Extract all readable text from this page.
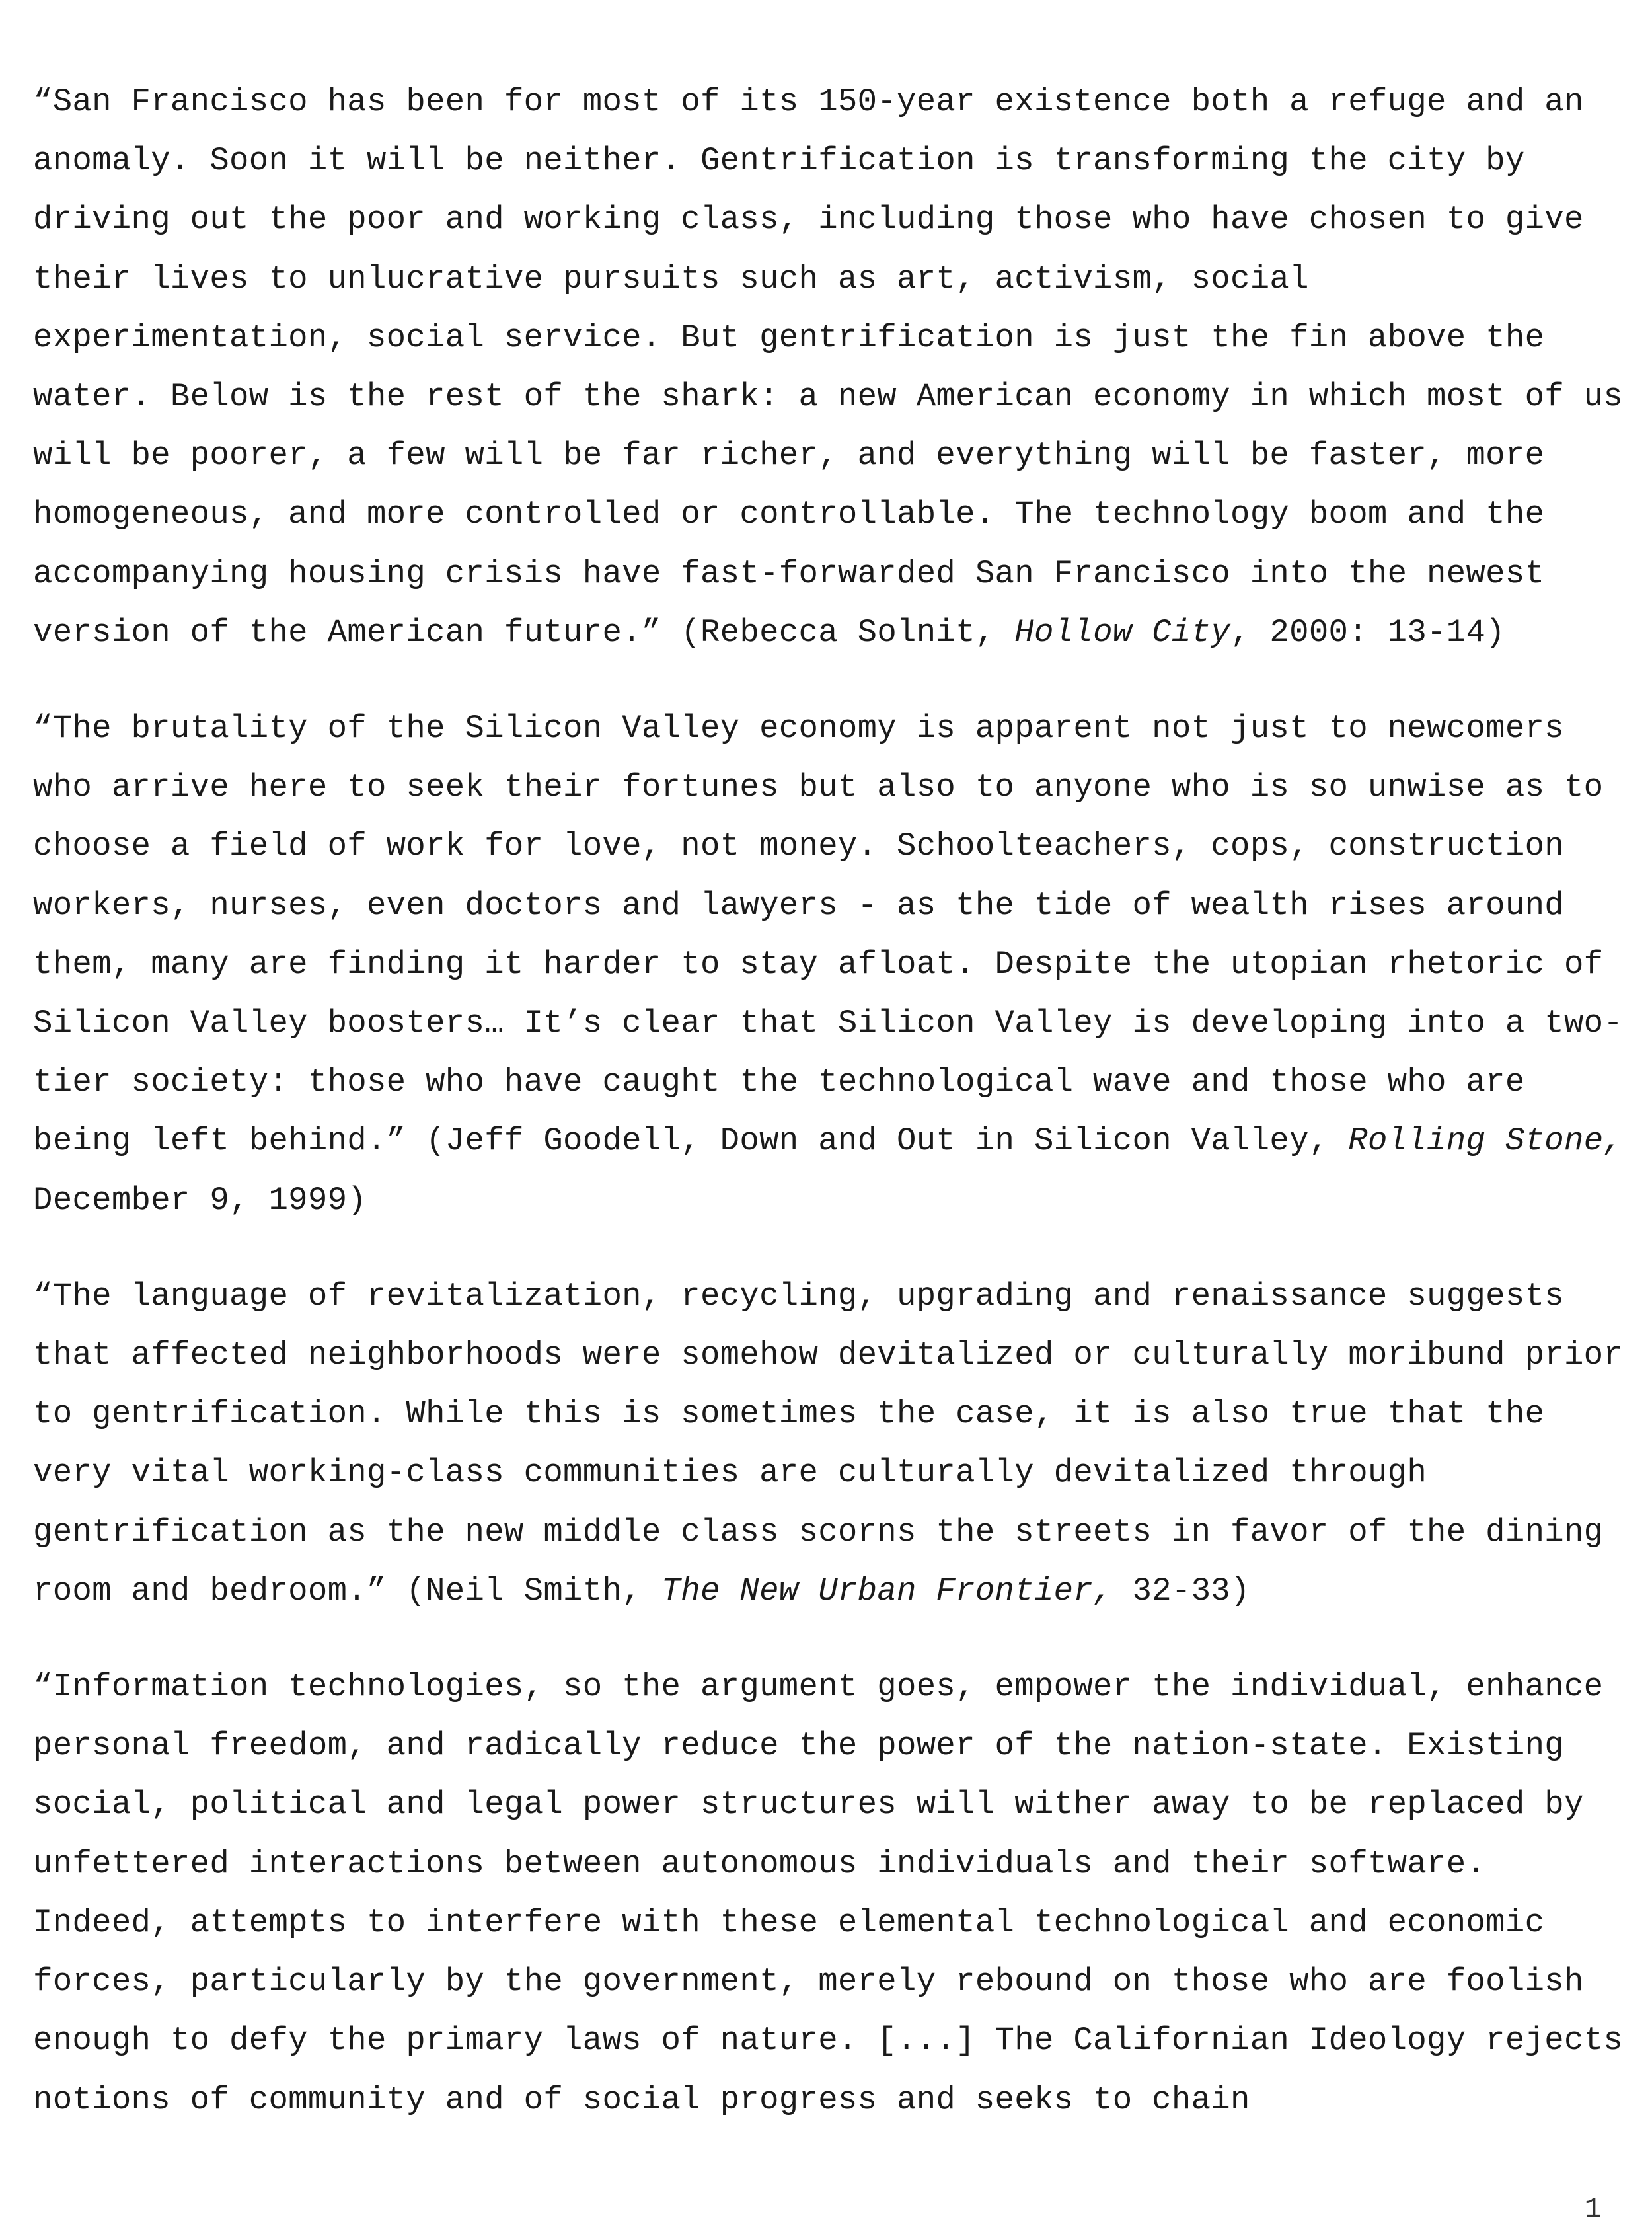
“San Francisco has been for most of its 150-year existence both a refuge and an anomaly. Soon it will be neither. Gentrification is transforming the city by driving out the poor and working class, including those who have chosen to give their lives to unlucrative pursuits such as art, activism, social experimentation, social service. But gentrification is just the fin above the water. Below is the rest of the shark: a new American economy in which most of us will be poorer, a few will be far richer, and everything will be faster, more homogeneous, and more controlled or controllable. The technology boom and the accompanying housing crisis have fast-forwarded San Francisco into the newest version of the American future.” (Rebecca Solnit, Hollow City, 2000: 13-14)

“The brutality of the Silicon Valley economy is apparent not just to newcomers who arrive here to seek their fortunes but also to anyone who is so unwise as to choose a field of work for love, not money. Schoolteachers, cops, construction workers, nurses, even doctors and lawyers - as the tide of wealth rises around them, many are finding it harder to stay afloat. Despite the utopian rhetoric of Silicon Valley boosters… It’s clear that Silicon Valley is developing into a two-tier society: those who have caught the technological wave and those who are being left behind.” (Jeff Goodell, Down and Out in Silicon Valley, Rolling Stone, December 9, 1999)

“The language of revitalization, recycling, upgrading and renaissance suggests that affected neighborhoods were somehow devitalized or culturally moribund prior to gentrification. While this is sometimes the case, it is also true that the very vital working-class communities are culturally devitalized through gentrification as the new middle class scorns the streets in favor of the dining room and bedroom.” (Neil Smith, The New Urban Frontier, 32-33)

“Information technologies, so the argument goes, empower the individual, enhance personal freedom, and radically reduce the power of the nation-state. Existing social, political and legal power structures will wither away to be replaced by unfettered interactions between autonomous individuals and their software. Indeed, attempts to interfere with these elemental technological and economic forces, particularly by the government, merely rebound on those who are foolish enough to defy the primary laws of nature. [...] The Californian Ideology rejects notions of community and of social progress and seeks to chain

1
